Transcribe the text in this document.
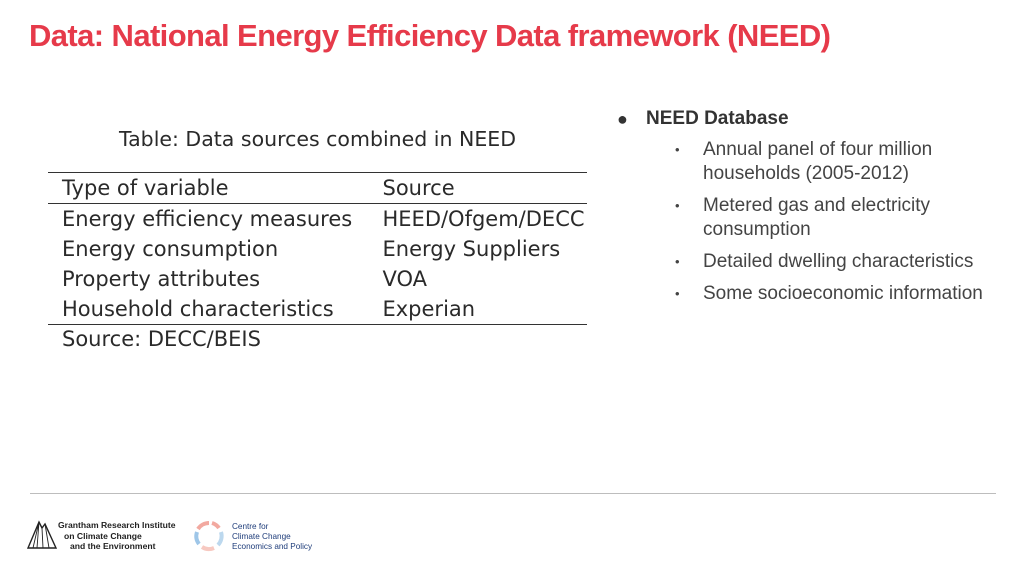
Data: National Energy Efficiency Data framework (NEED)
Table: Data sources combined in NEED
Type of variable	Source
Energy efficiency measures	HEED/Ofgem/DECC
Energy consumption	Energy Suppliers
Property attributes	VOA
Household characteristics	Experian
Source: DECC/BEIS	
● NEED Database
• Annual panel of four million households (2005-2012)
• Metered gas and electricity consumption
• Detailed dwelling characteristics
• Some socioeconomic information
Grantham Research Institute
on Climate Change
and the Environment
Centre for
Climate Change
Economics and Policy
